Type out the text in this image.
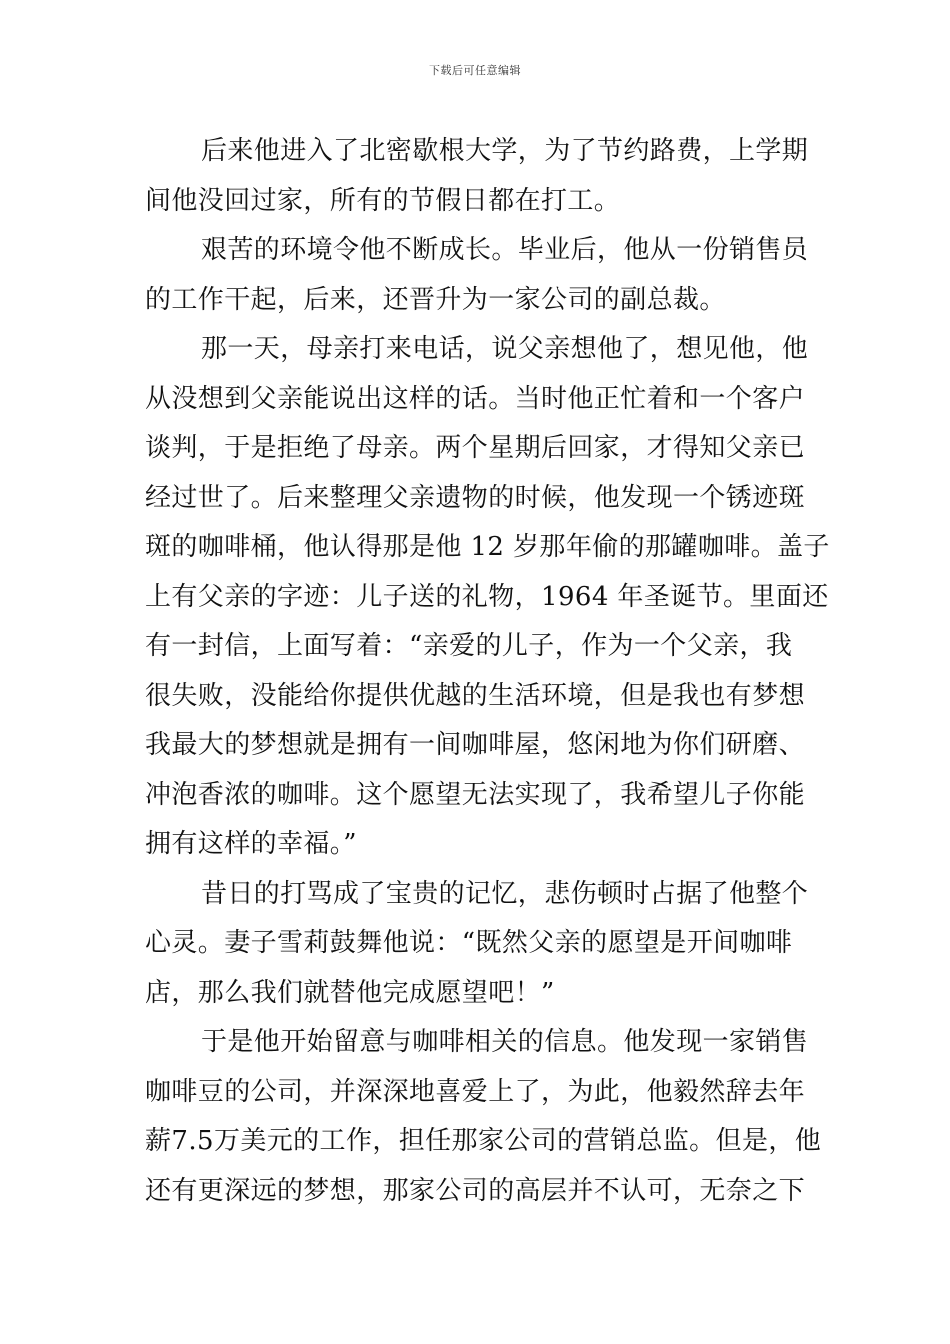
下载后可任意编辑
后来他进入了北密歇根大学，为了节约路费，上学期
间他没回过家，所有的节假日都在打工。
艰苦的环境令他不断成长。毕业后，他从一份销售员
的工作干起，后来，还晋升为一家公司的副总裁。
那一天，母亲打来电话，说父亲想他了，想见他，他
从没想到父亲能说出这样的话。当时他正忙着和一个客户
谈判，于是拒绝了母亲。两个星期后回家，才得知父亲已
经过世了。后来整理父亲遗物的时候，他发现一个锈迹斑
斑的咖啡桶，他认得那是他 12 岁那年偷的那罐咖啡。盖子
上有父亲的字迹：儿子送的礼物，1964 年圣诞节。里面还
有一封信，上面写着：“亲爱的儿子，作为一个父亲，我
很失败，没能给你提供优越的生活环境，但是我也有梦想
我最大的梦想就是拥有一间咖啡屋，悠闲地为你们研磨、
冲泡香浓的咖啡。这个愿望无法实现了，我希望儿子你能
拥有这样的幸福。”
昔日的打骂成了宝贵的记忆，悲伤顿时占据了他整个
心灵。妻子雪莉鼓舞他说：“既然父亲的愿望是开间咖啡
店，那么我们就替他完成愿望吧！”
于是他开始留意与咖啡相关的信息。他发现一家销售
咖啡豆的公司，并深深地喜爱上了，为此，他毅然辞去年
薪7.5万美元的工作，担任那家公司的营销总监。但是，他
还有更深远的梦想，那家公司的高层并不认可，无奈之下
